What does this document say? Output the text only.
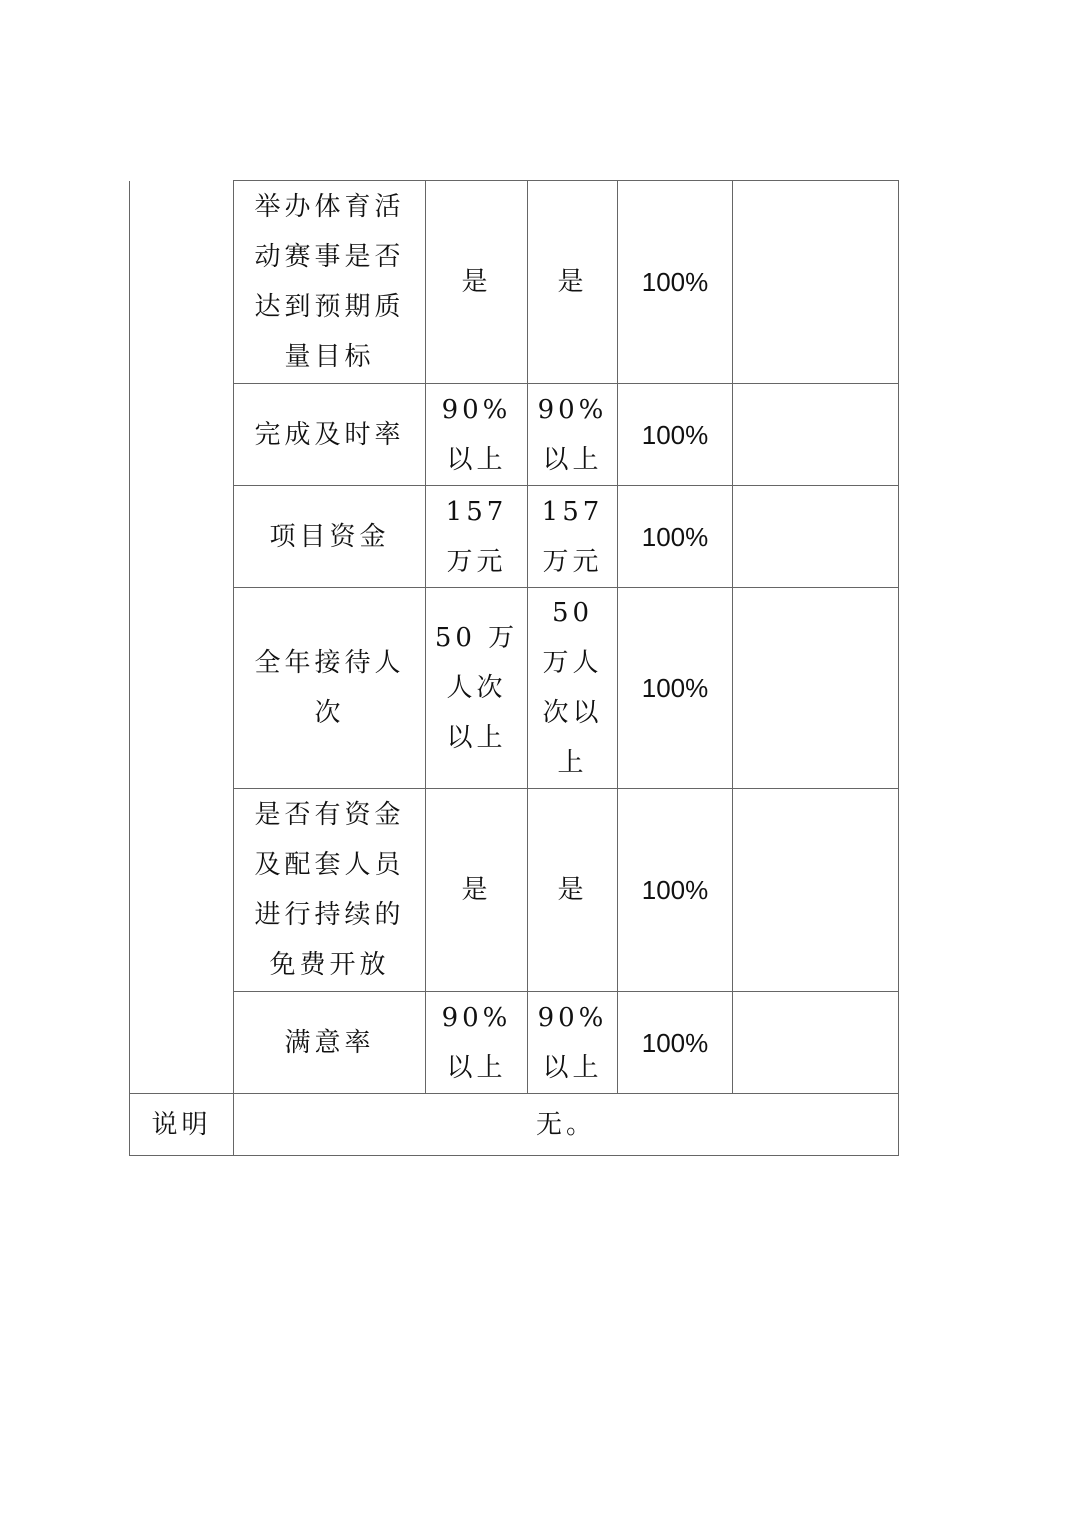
	举办体育活动赛事是否达到预期质量目标	是	是	100%	
	完成及时率	90%以上	90%以上	100%	
	项目资金	157 万元	157 万元	100%	
	全年接待人次	50 万人次以上	50 万人次以上	100%	
	是否有资金及配套人员进行持续的免费开放	是	是	100%	
	满意率	90%以上	90%以上	100%	
说明	无。				
